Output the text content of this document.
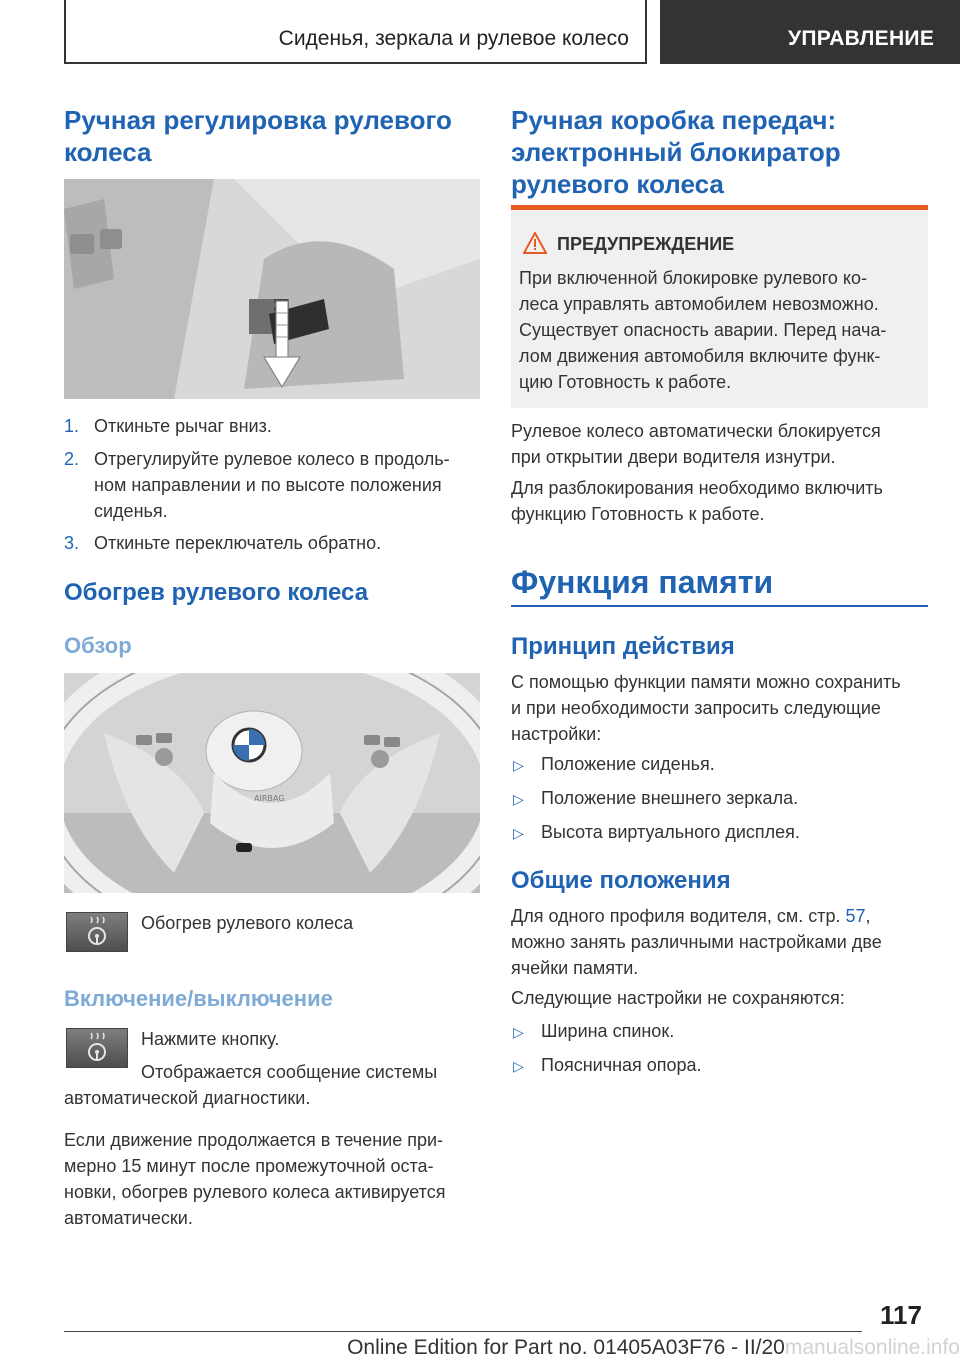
Сиденья, зеркала и рулевое колесо	УПРАВЛЕНИЕ
Ручная регулировка рулевого
колеса
1. Откиньте рычаг вниз.
2. Отрегулируйте рулевое колесо в продоль-
ном направлении и по высоте положения
сиденья.
3. Откиньте переключатель обратно.
Обогрев рулевого колеса
Обзор
AIRBAG
Обогрев рулевого колеса
Включение/выключение
Нажмите кнопку.
Отображается сообщение системы
автоматической диагностики.
Если движение продолжается в течение при-
мерно 15 минут после промежуточной оста-
новки, обогрев рулевого колеса активируется
автоматически.
Ручная коробка передач:
электронный блокиратор
рулевого колеса
ПРЕДУПРЕЖДЕНИЕ
При включенной блокировке рулевого ко-
леса управлять автомобилем невозможно.
Существует опасность аварии. Перед нача-
лом движения автомобиля включите функ-
цию Готовность к работе.
Рулевое колесо автоматически блокируется
при открытии двери водителя изнутри.
Для разблокирования необходимо включить
функцию Готовность к работе.
Функция памяти
Принцип действия
С помощью функции памяти можно сохранить
и при необходимости запросить следующие
настройки:
▷ Положение сиденья.
▷ Положение внешнего зеркала.
▷ Высота виртуального дисплея.
Общие положения
Для одного профиля водителя, см. стр. 57,
можно занять различными настройками две
ячейки памяти.
Следующие настройки не сохраняются:
▷ Ширина спинок.
▷ Поясничная опора.
117
Online Edition for Part no. 01405A03F76 - II/20manualsonline.info
